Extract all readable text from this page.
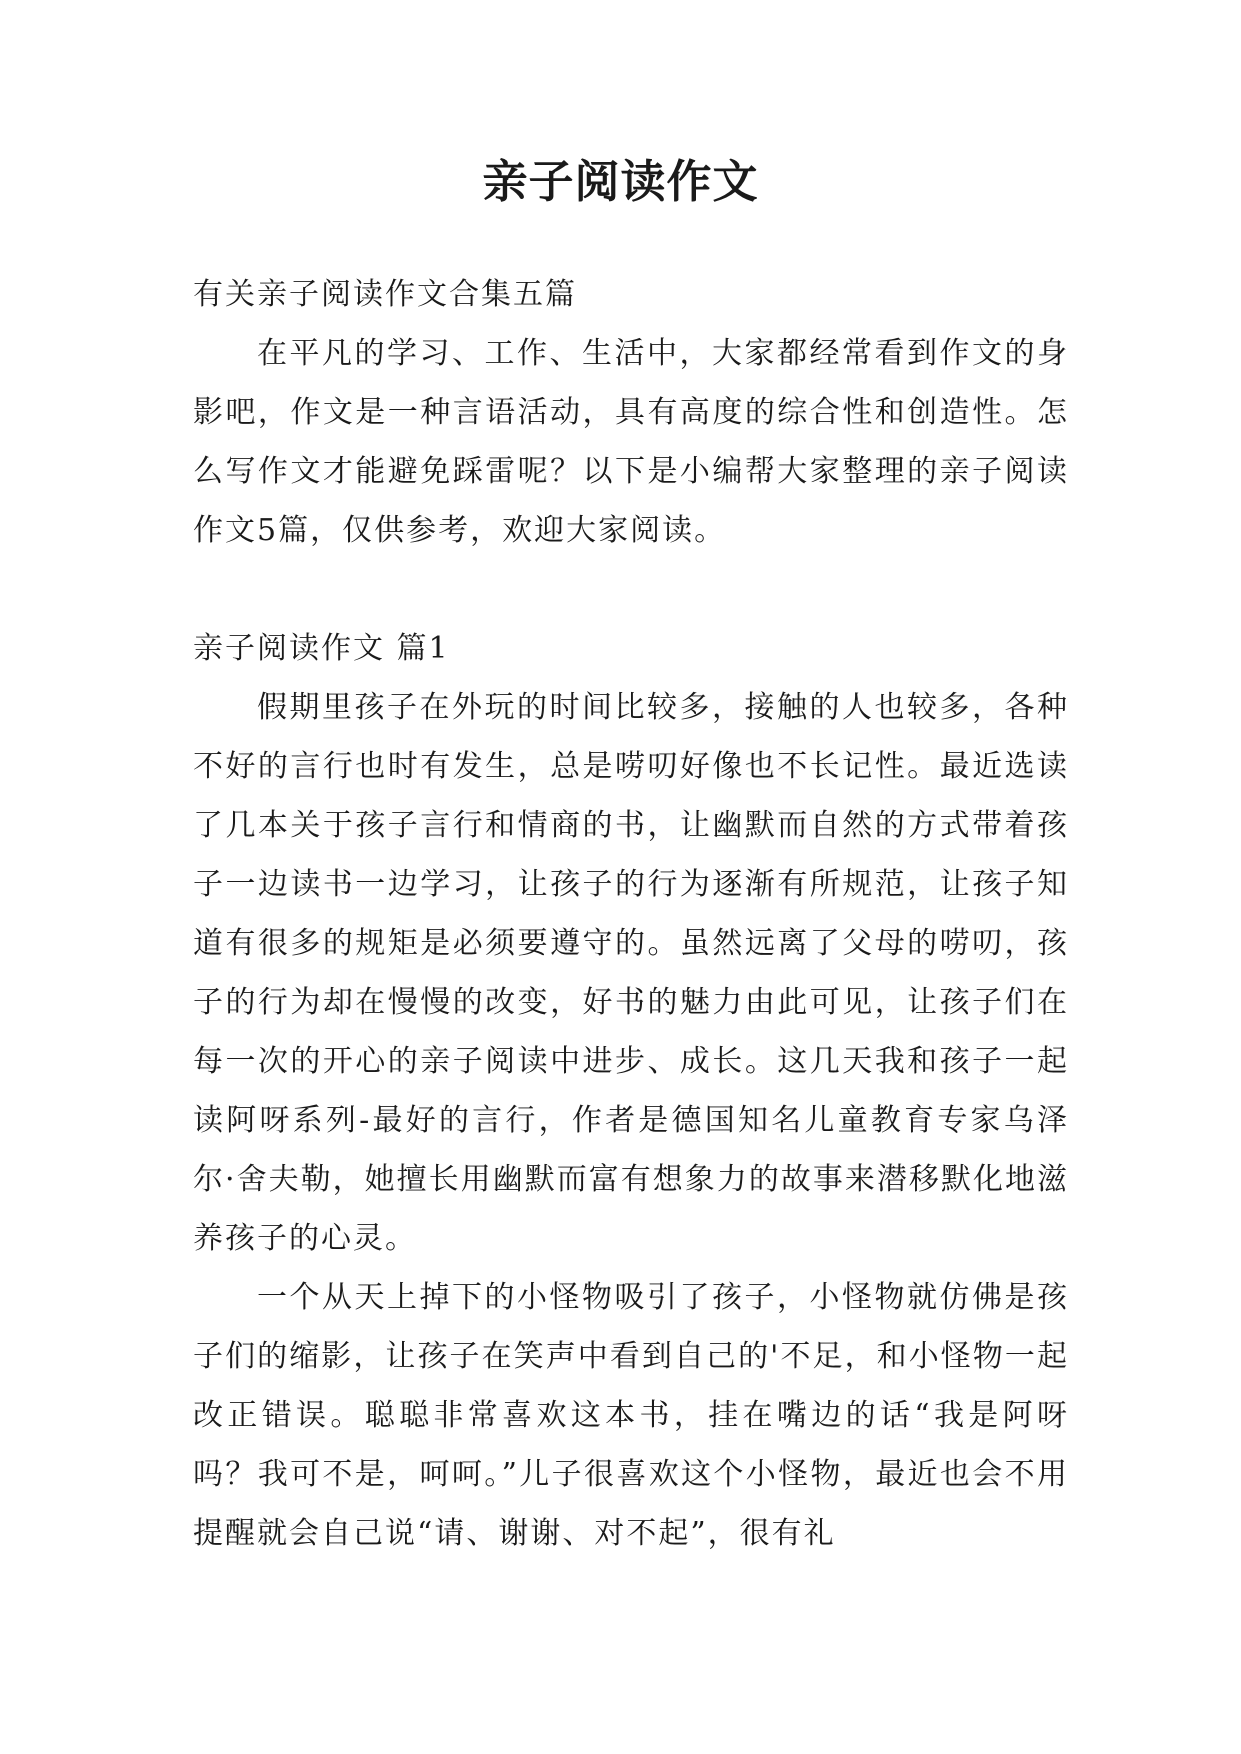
亲子阅读作文

有关亲子阅读作文合集五篇

在平凡的学习、工作、生活中，大家都经常看到作文的身影吧，作文是一种言语活动，具有高度的综合性和创造性。怎么写作文才能避免踩雷呢？以下是小编帮大家整理的亲子阅读作文5篇，仅供参考，欢迎大家阅读。

亲子阅读作文 篇1

假期里孩子在外玩的时间比较多，接触的人也较多，各种不好的言行也时有发生，总是唠叨好像也不长记性。最近选读了几本关于孩子言行和情商的书，让幽默而自然的方式带着孩子一边读书一边学习，让孩子的行为逐渐有所规范，让孩子知道有很多的规矩是必须要遵守的。虽然远离了父母的唠叨，孩子的行为却在慢慢的改变，好书的魅力由此可见，让孩子们在每一次的开心的亲子阅读中进步、成长。这几天我和孩子一起读阿呀系列-最好的言行，作者是德国知名儿童教育专家乌泽尔·舍夫勒，她擅长用幽默而富有想象力的故事来潜移默化地滋养孩子的心灵。

一个从天上掉下的小怪物吸引了孩子，小怪物就仿佛是孩子们的缩影，让孩子在笑声中看到自己的'不足，和小怪物一起改正错误。聪聪非常喜欢这本书，挂在嘴边的话“我是阿呀吗？我可不是，呵呵。”儿子很喜欢这个小怪物，最近也会不用提醒就会自己说“请、谢谢、对不起”，很有礼
